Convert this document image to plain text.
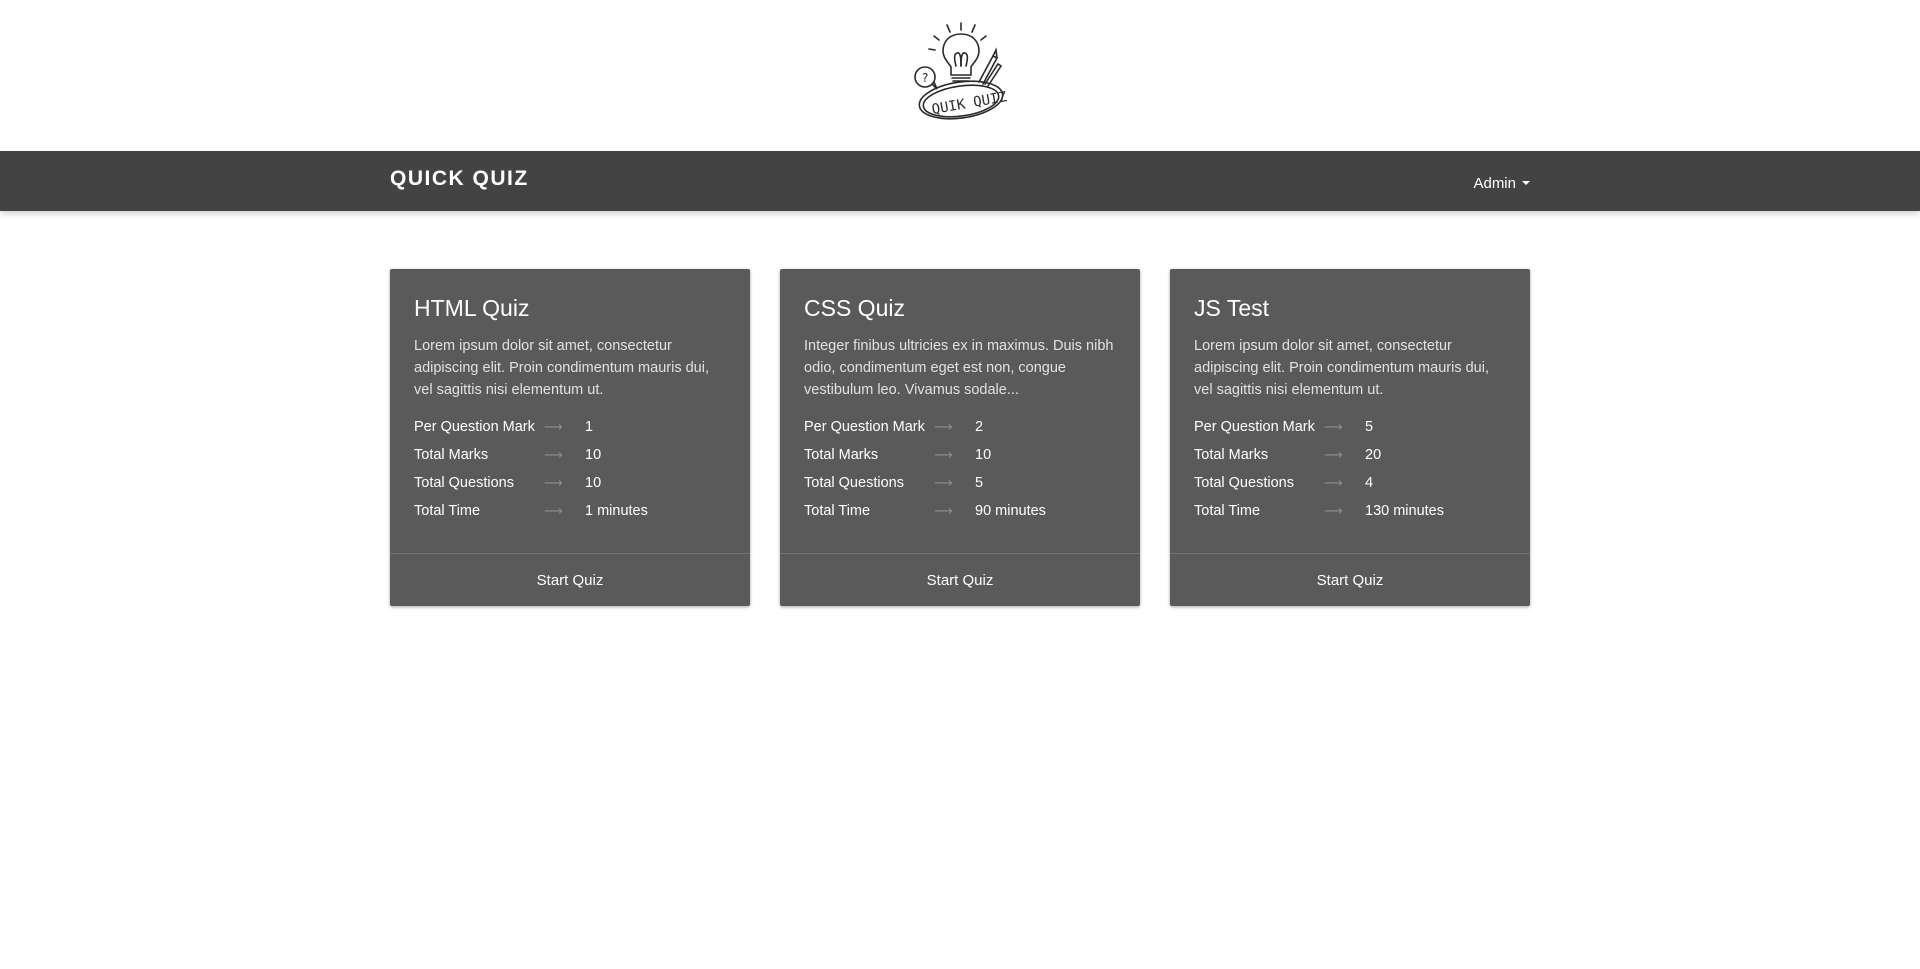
?
QUIK QUIZ
QUICK QUIZ	Admin
HTML Quiz

Lorem ipsum dolor sit amet, consectetur adipiscing elit. Proin condimentum mauris dui, vel sagittis nisi elementum ut.

Per Question Mark ⟶	1
Total Marks	⟶	10
Total Questions	⟶	10
Total Time	⟶	1 minutes
Start Quiz
CSS Quiz

Integer finibus ultricies ex in maximus. Duis nibh odio, condimentum eget est non, congue vestibulum leo. Vivamus sodale...

Per Question Mark ⟶	2
Total Marks	⟶	10
Total Questions	⟶	5
Total Time	⟶	90 minutes
Start Quiz
JS Test

Lorem ipsum dolor sit amet, consectetur adipiscing elit. Proin condimentum mauris dui, vel sagittis nisi elementum ut.

Per Question Mark ⟶	5
Total Marks	⟶	20
Total Questions	⟶	4
Total Time	⟶	130 minutes
Start Quiz
